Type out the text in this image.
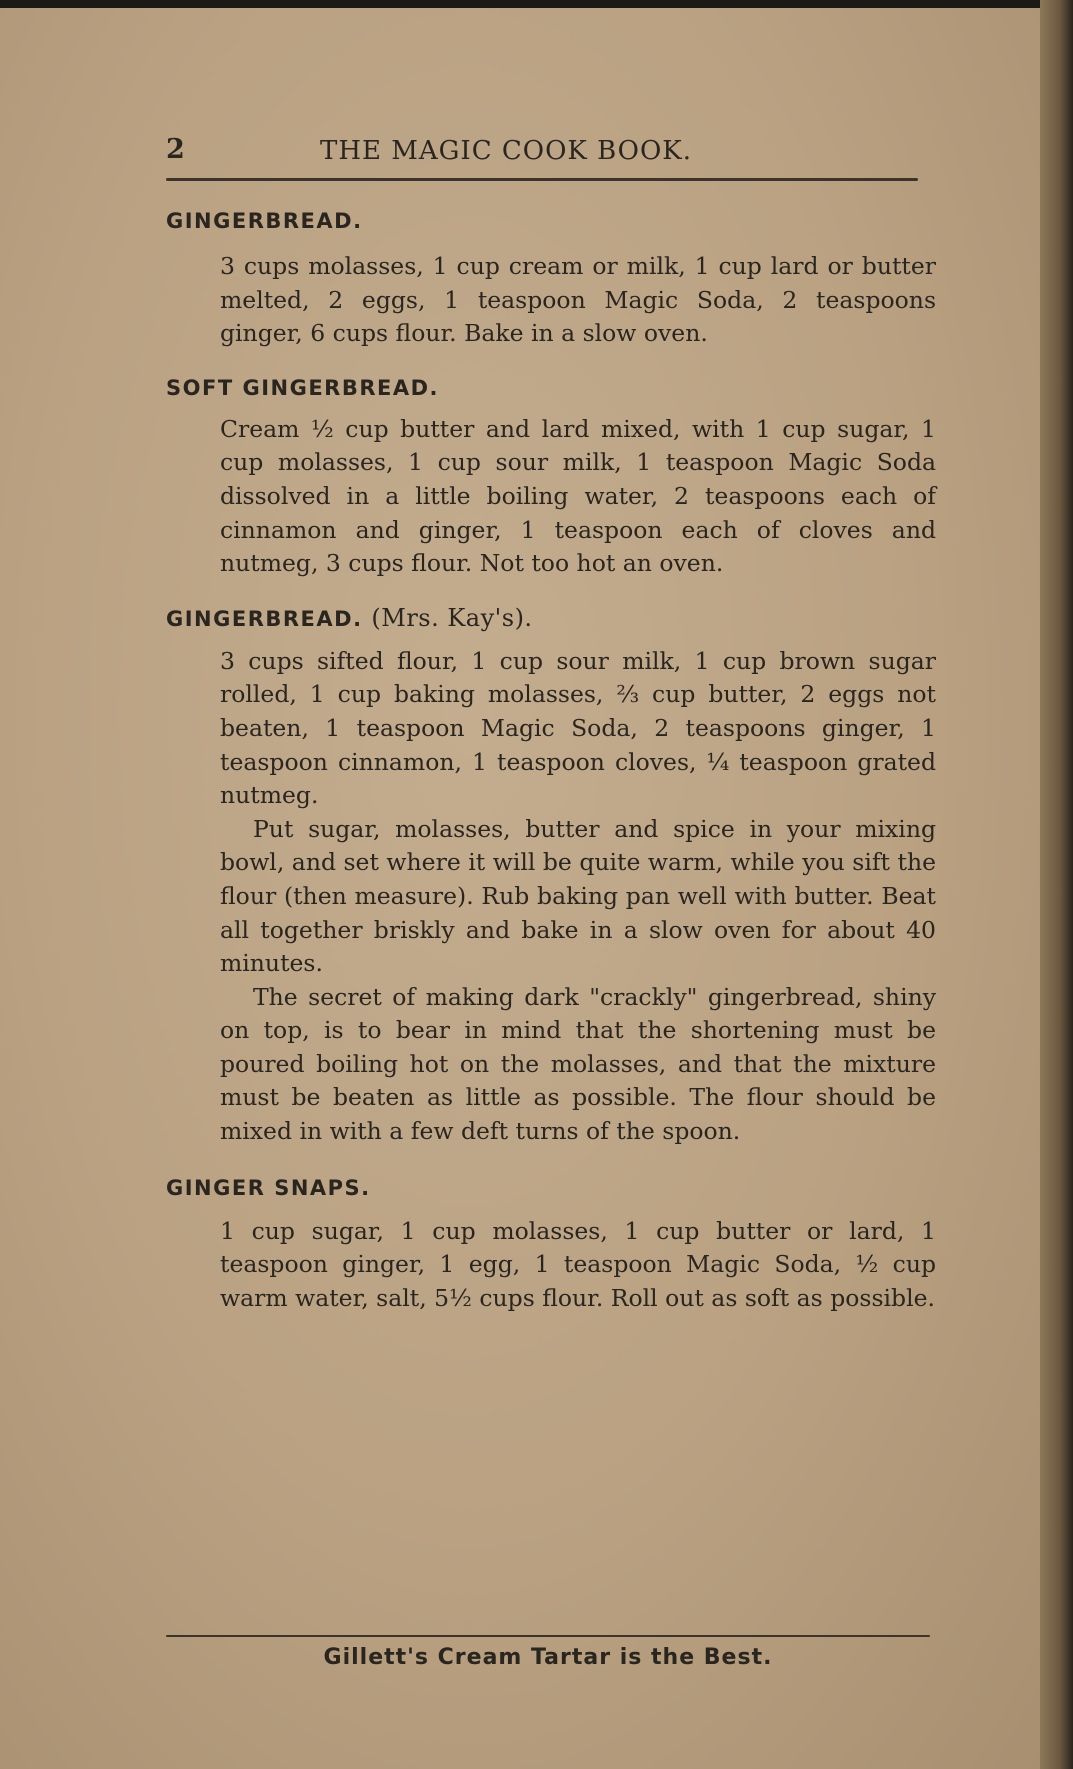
2	THE MAGIC COOK BOOK.
GINGERBREAD.

3 cups molasses, 1 cup cream or milk, 1 cup lard or butter melted, 2 eggs, 1 teaspoon Magic Soda, 2 teaspoons ginger, 6 cups flour. Bake in a slow oven.

SOFT GINGERBREAD.

Cream ½ cup butter and lard mixed, with 1 cup sugar, 1 cup molasses, 1 cup sour milk, 1 teaspoon Magic Soda dissolved in a little boiling water, 2 teaspoons each of cinnamon and ginger, 1 teaspoon each of cloves and nutmeg, 3 cups flour. Not too hot an oven.

GINGERBREAD. (Mrs. Kay's).

3 cups sifted flour, 1 cup sour milk, 1 cup brown sugar rolled, 1 cup baking molasses, ⅔ cup butter, 2 eggs not beaten, 1 teaspoon Magic Soda, 2 teaspoons ginger, 1 teaspoon cinnamon, 1 teaspoon cloves, ¼ teaspoon grated nutmeg.

Put sugar, molasses, butter and spice in your mixing bowl, and set where it will be quite warm, while you sift the flour (then measure). Rub baking pan well with butter. Beat all together briskly and bake in a slow oven for about 40 minutes.

The secret of making dark "crackly" gingerbread, shiny on top, is to bear in mind that the shortening must be poured boiling hot on the molasses, and that the mixture must be beaten as little as possible. The flour should be mixed in with a few deft turns of the spoon.

GINGER SNAPS.

1 cup sugar, 1 cup molasses, 1 cup butter or lard, 1 teaspoon ginger, 1 egg, 1 teaspoon Magic Soda, ½ cup warm water, salt, 5½ cups flour. Roll out as soft as possible.

Gillett's Cream Tartar is the Best.
